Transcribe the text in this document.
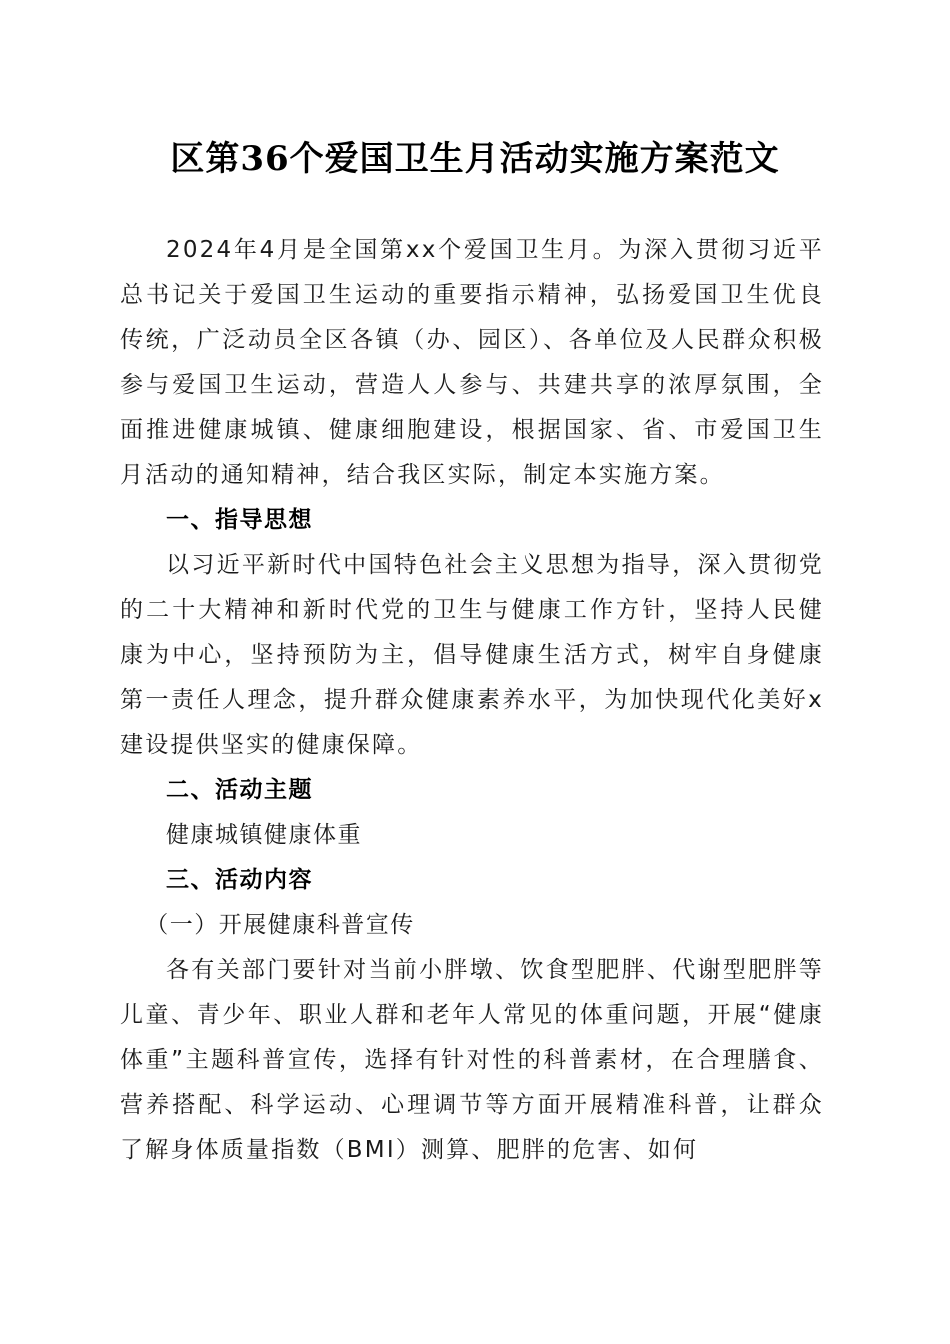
区第36个爱国卫生月活动实施方案范文

2024年4月是全国第xx个爱国卫生月。为深入贯彻习近平总书记关于爱国卫生运动的重要指示精神，弘扬爱国卫生优良传统，广泛动员全区各镇（办、园区）、各单位及人民群众积极参与爱国卫生运动，营造人人参与、共建共享的浓厚氛围，全面推进健康城镇、健康细胞建设，根据国家、省、市爱国卫生月活动的通知精神，结合我区实际，制定本实施方案。

一、指导思想

以习近平新时代中国特色社会主义思想为指导，深入贯彻党的二十大精神和新时代党的卫生与健康工作方针，坚持人民健康为中心，坚持预防为主，倡导健康生活方式，树牢自身健康第一责任人理念，提升群众健康素养水平，为加快现代化美好x建设提供坚实的健康保障。

二、活动主题

健康城镇健康体重

三、活动内容

（一）开展健康科普宣传

各有关部门要针对当前小胖墩、饮食型肥胖、代谢型肥胖等儿童、青少年、职业人群和老年人常见的体重问题，开展“健康体重”主题科普宣传，选择有针对性的科普素材，在合理膳食、营养搭配、科学运动、心理调节等方面开展精准科普，让群众了解身体质量指数（BMI）测算、肥胖的危害、如何
